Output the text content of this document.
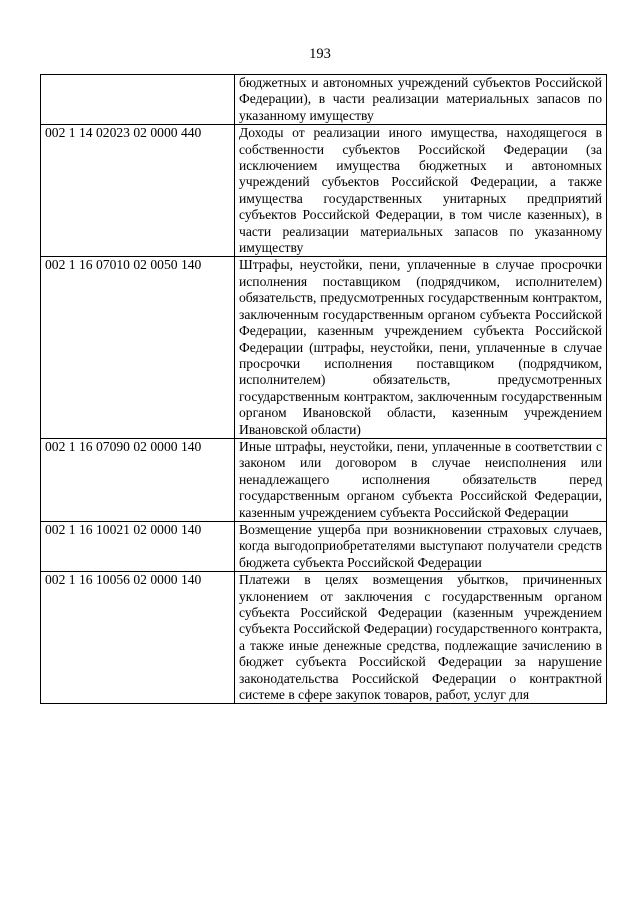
193

	бюджетных и автономных учреждений субъектов Российской Федерации), в части реализации материальных запасов по указанному имуществу

002 1 14 02023 02 0000 440	Доходы от реализации иного имущества, находящегося в собственности субъектов Российской Федерации (за исключением имущества бюджетных и автономных учреждений субъектов Российской Федерации, а также имущества государственных унитарных предприятий субъектов Российской Федерации, в том числе казенных), в части реализации материальных запасов по указанному имуществу

002 1 16 07010 02 0050 140	Штрафы, неустойки, пени, уплаченные в случае просрочки исполнения поставщиком (подрядчиком, исполнителем) обязательств, предусмотренных государственным контрактом, заключенным государственным органом субъекта Российской Федерации, казенным учреждением субъекта Российской Федерации (штрафы, неустойки, пени, уплаченные в случае просрочки исполнения поставщиком (подрядчиком, исполнителем) обязательств, предусмотренных государственным контрактом, заключенным государственным органом Ивановской области, казенным учреждением Ивановской области)

002 1 16 07090 02 0000 140	Иные штрафы, неустойки, пени, уплаченные в соответствии с законом или договором в случае неисполнения или ненадлежащего исполнения обязательств перед государственным органом субъекта Российской Федерации, казенным учреждением субъекта Российской Федерации

002 1 16 10021 02 0000 140	Возмещение ущерба при возникновении страховых случаев, когда выгодоприобретателями выступают получатели средств бюджета субъекта Российской Федерации

002 1 16 10056 02 0000 140	Платежи в целях возмещения убытков, причиненных уклонением от заключения с государственным органом субъекта Российской Федерации (казенным учреждением субъекта Российской Федерации) государственного контракта, а также иные денежные средства, подлежащие зачислению в бюджет субъекта Российской Федерации за нарушение законодательства Российской Федерации о контрактной системе в сфере закупок товаров, работ, услуг для
